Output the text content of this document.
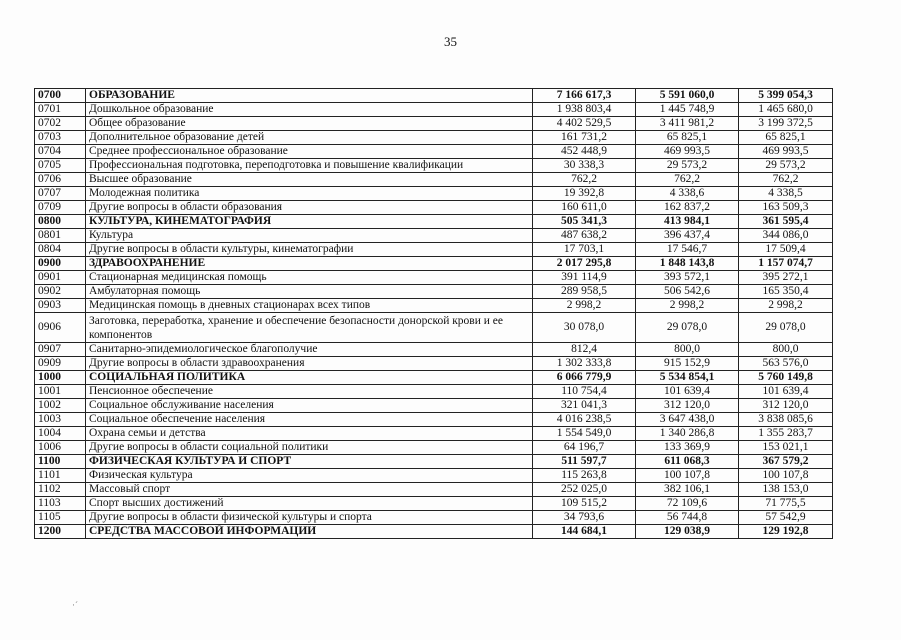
35
0700	ОБРАЗОВАНИЕ	7 166 617,3	5 591 060,0	5 399 054,3
0701	Дошкольное образование	1 938 803,4	1 445 748,9	1 465 680,0
0702	Общее образование	4 402 529,5	3 411 981,2	3 199 372,5
0703	Дополнительное образование детей	161 731,2	65 825,1	65 825,1
0704	Среднее профессиональное образование	452 448,9	469 993,5	469 993,5
0705	Профессиональная подготовка, переподготовка и повышение квалификации	30 338,3	29 573,2	29 573,2
0706	Высшее образование	762,2	762,2	762,2
0707	Молодежная политика	19 392,8	4 338,6	4 338,5
0709	Другие вопросы в области образования	160 611,0	162 837,2	163 509,3
0800	КУЛЬТУРА, КИНЕМАТОГРАФИЯ	505 341,3	413 984,1	361 595,4
0801	Культура	487 638,2	396 437,4	344 086,0
0804	Другие вопросы в области культуры, кинематографии	17 703,1	17 546,7	17 509,4
0900	ЗДРАВООХРАНЕНИЕ	2 017 295,8	1 848 143,8	1 157 074,7
0901	Стационарная медицинская помощь	391 114,9	393 572,1	395 272,1
0902	Амбулаторная помощь	289 958,5	506 542,6	165 350,4
0903	Медицинская помощь в дневных стационарах всех типов	2 998,2	2 998,2	2 998,2
0906	Заготовка, переработка, хранение и обеспечение безопасности донорской крови и ее компонентов	30 078,0	29 078,0	29 078,0
0907	Санитарно-эпидемиологическое благополучие	812,4	800,0	800,0
0909	Другие вопросы в области здравоохранения	1 302 333,8	915 152,9	563 576,0
1000	СОЦИАЛЬНАЯ ПОЛИТИКА	6 066 779,9	5 534 854,1	5 760 149,8
1001	Пенсионное обеспечение	110 754,4	101 639,4	101 639,4
1002	Социальное обслуживание населения	321 041,3	312 120,0	312 120,0
1003	Социальное обеспечение населения	4 016 238,5	3 647 438,0	3 838 085,6
1004	Охрана семьи и детства	1 554 549,0	1 340 286,8	1 355 283,7
1006	Другие вопросы в области социальной политики	64 196,7	133 369,9	153 021,1
1100	ФИЗИЧЕСКАЯ КУЛЬТУРА И СПОРТ	511 597,7	611 068,3	367 579,2
1101	Физическая культура	115 263,8	100 107,8	100 107,8
1102	Массовый спорт	252 025,0	382 106,1	138 153,0
1103	Спорт высших достижений	109 515,2	72 109,6	71 775,5
1105	Другие вопросы в области физической культуры и спорта	34 793,6	56 744,8	57 542,9
1200	СРЕДСТВА МАССОВОЙ ИНФОРМАЦИИ	144 684,1	129 038,9	129 192,8
·´
